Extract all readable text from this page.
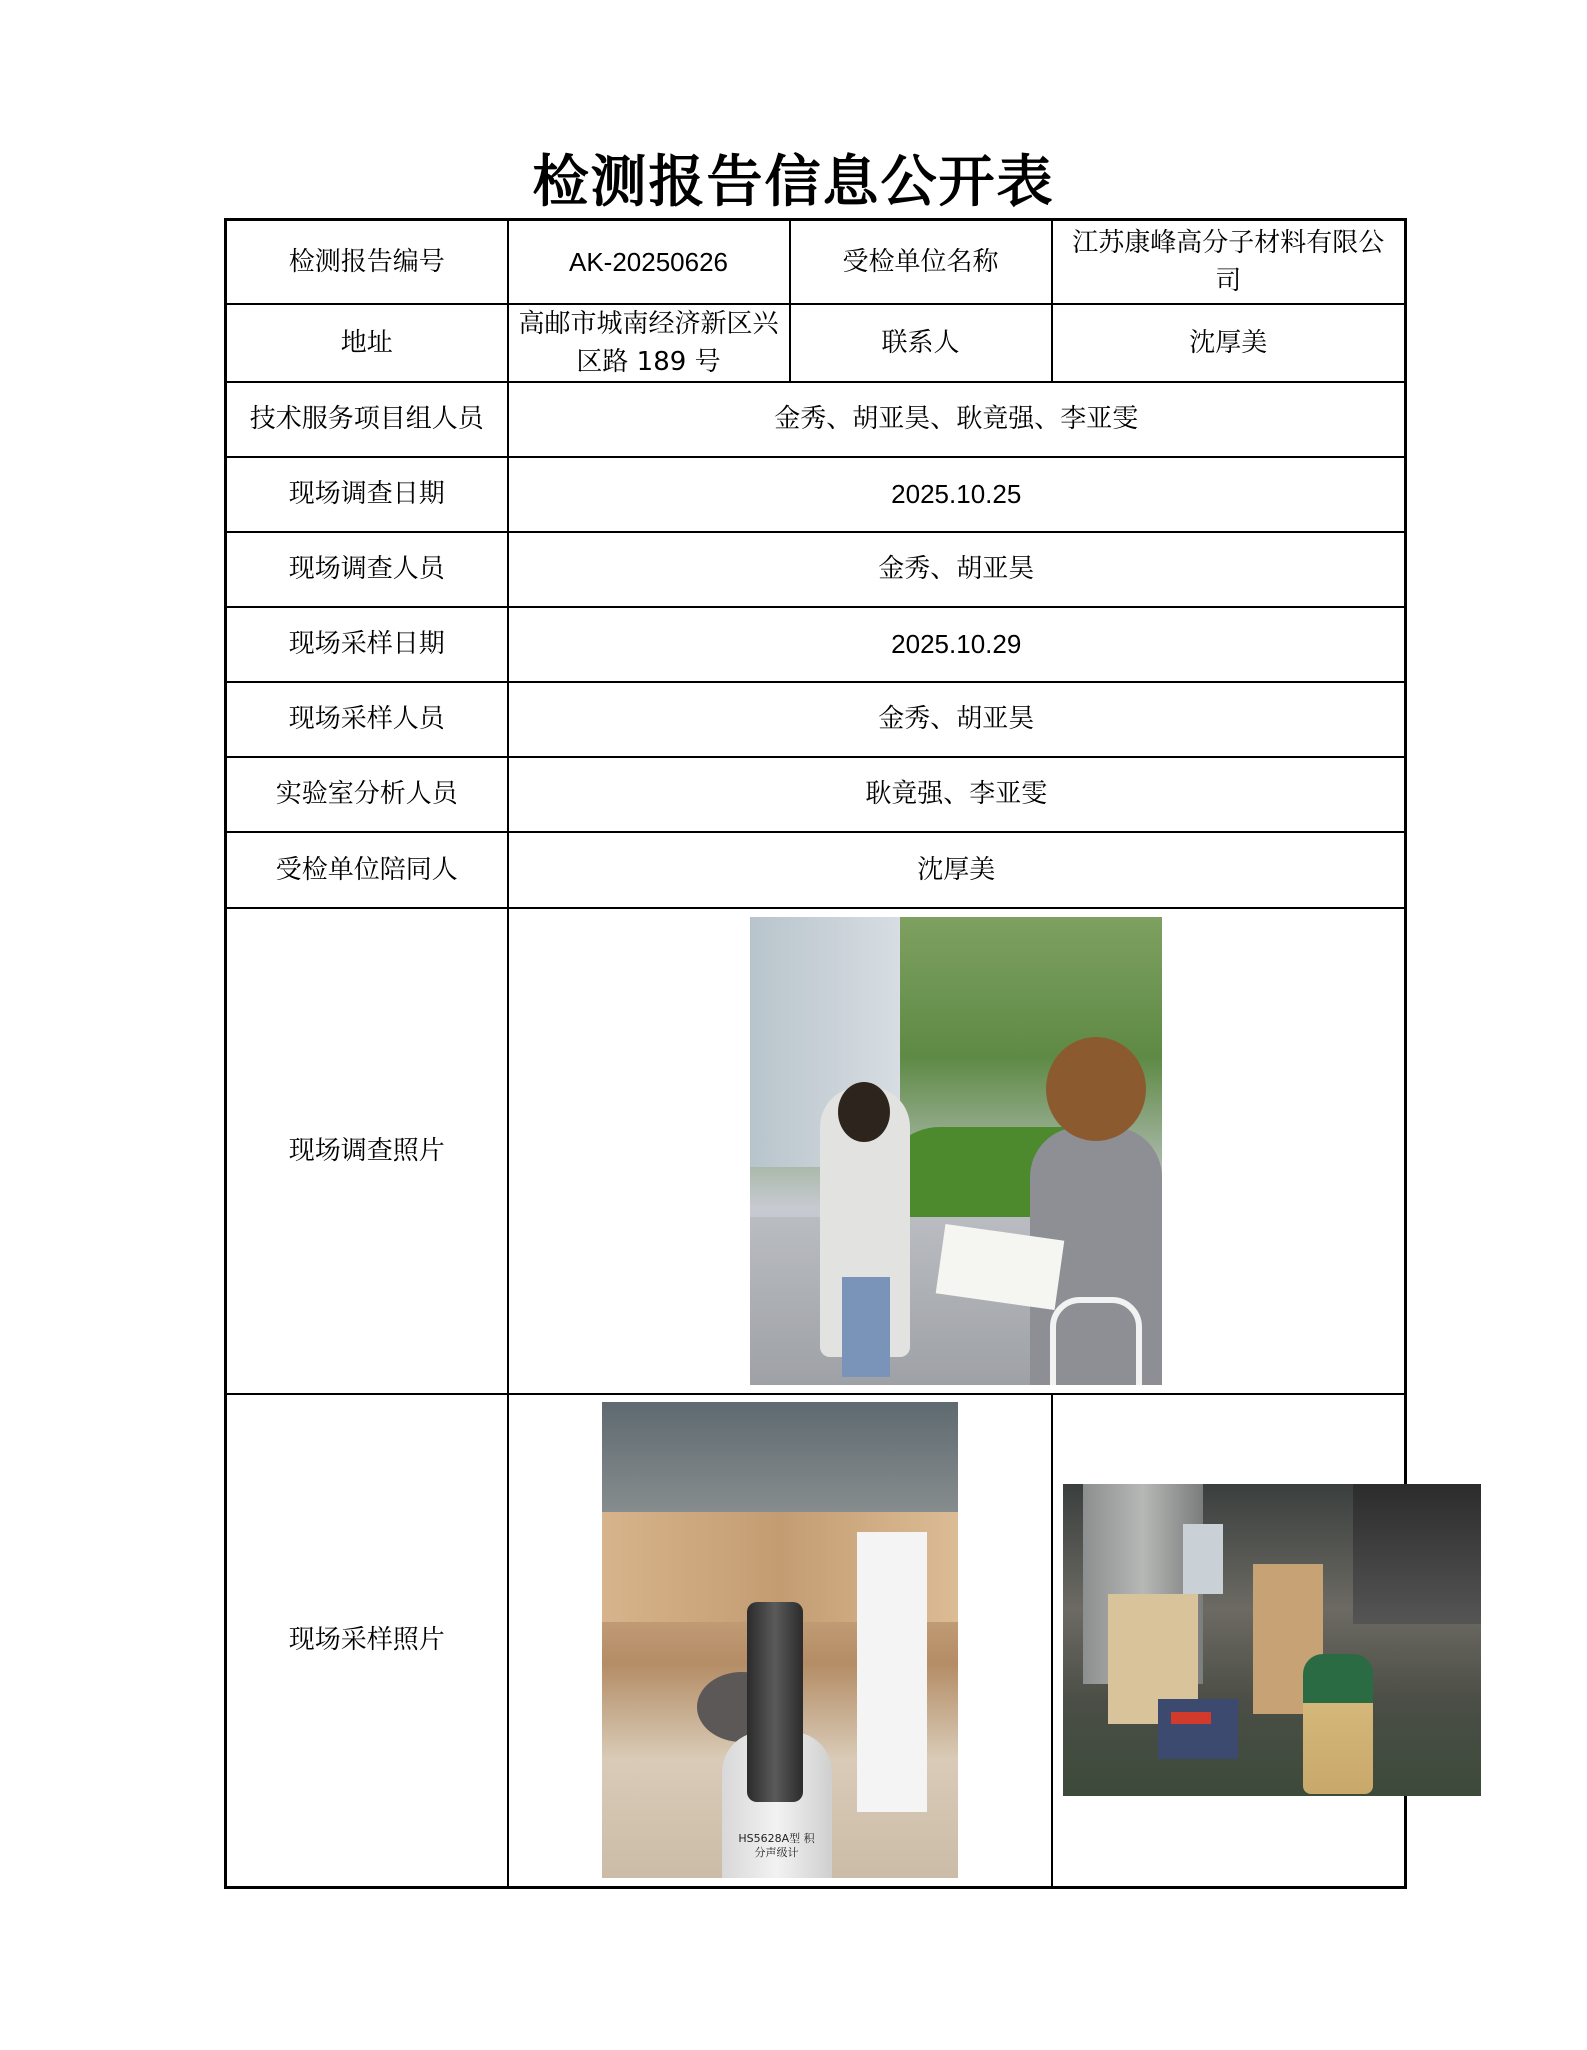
检测报告信息公开表
检测报告编号	AK-20250626	受检单位名称	江苏康峰高分子材料有限公司
地址	高邮市城南经济新区兴区路 189 号	联系人	沈厚美
技术服务项目组人员	金秀、胡亚昊、耿竟强、李亚雯		
现场调查日期	2025.10.25		
现场调查人员	金秀、胡亚昊		
现场采样日期	2025.10.29		
现场采样人员	金秀、胡亚昊		
实验室分析人员	耿竟强、李亚雯		
受检单位陪同人	沈厚美		
现场调查照片			

现场采样照片	HS5628A型 积分声级计		
